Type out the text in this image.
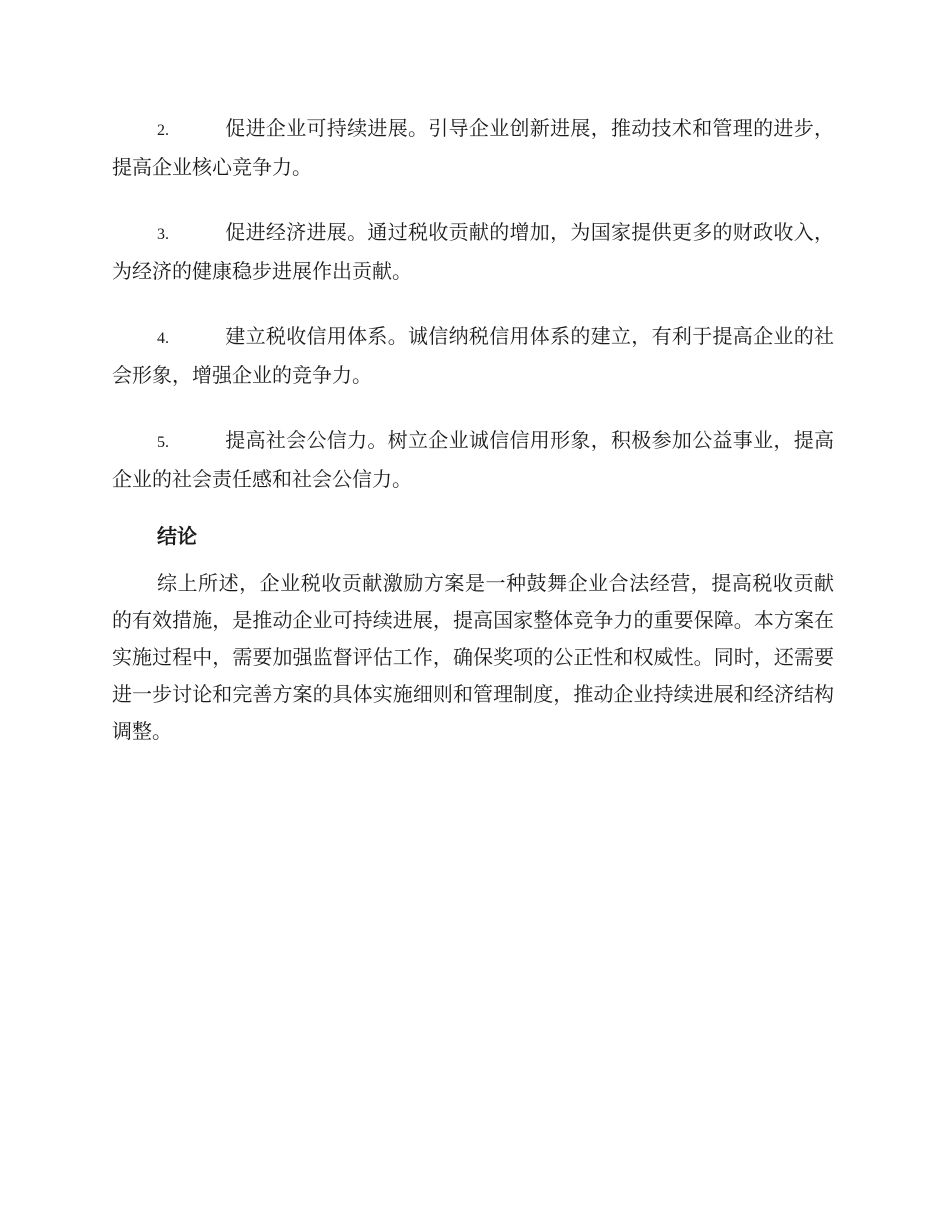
2.	促进企业可持续进展。引导企业创新进展，推动技术和管理的进步，提高企业核心竞争力。

3.	促进经济进展。通过税收贡献的增加，为国家提供更多的财政收入，为经济的健康稳步进展作出贡献。

4.	建立税收信用体系。诚信纳税信用体系的建立，有利于提高企业的社会形象，增强企业的竞争力。

5.	提高社会公信力。树立企业诚信信用形象，积极参加公益事业，提高企业的社会责任感和社会公信力。

结论

综上所述，企业税收贡献激励方案是一种鼓舞企业合法经营，提高税收贡献的有效措施，是推动企业可持续进展，提高国家整体竞争力的重要保障。本方案在实施过程中，需要加强监督评估工作，确保奖项的公正性和权威性。同时，还需要进一步讨论和完善方案的具体实施细则和管理制度，推动企业持续进展和经济结构调整。
